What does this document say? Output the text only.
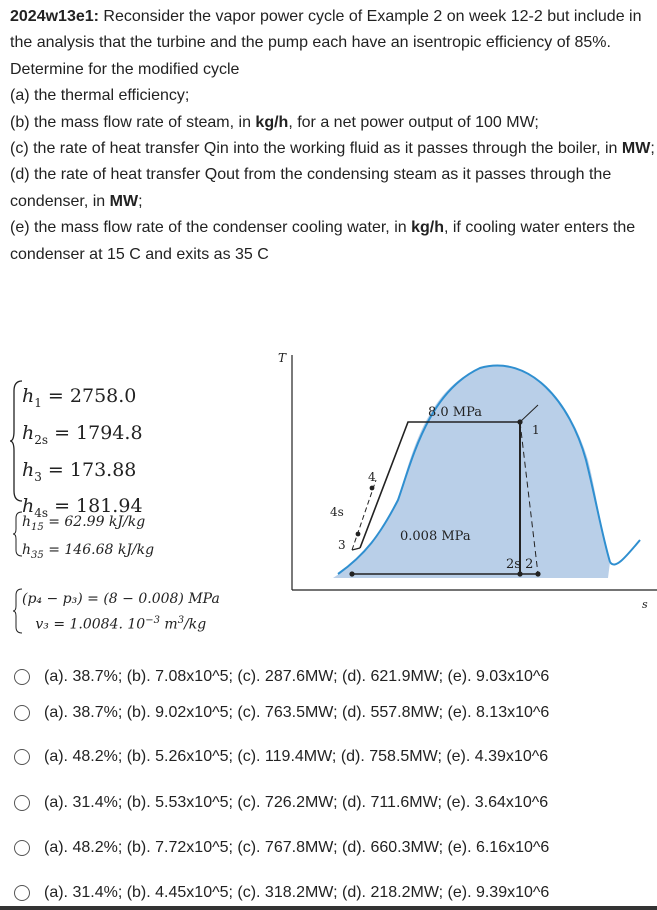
2024w13e1: Reconsider the vapor power cycle of Example 2 on week 12-2 but include in the analysis that the turbine and the pump each have an isentropic efficiency of 85%. Determine for the modified cycle

(a) the thermal efficiency;

(b) the mass flow rate of steam, in kg/h, for a net power output of 100 MW;

(c) the rate of heat transfer Qin into the working fluid as it passes through the boiler, in MW;

(d) the rate of heat transfer Qout from the condensing steam as it passes through the condenser, in MW;

(e) the mass flow rate of the condenser cooling water, in kg/h, if cooling water enters the condenser at 15 C and exits as 35 C

$h_1 = 2758.0$
$h_{2s} = 1794.8$
$h_3 = 173.88$
$h_{4s} = 181.94$
$h_{15} = 62.99$ kJ/kg
$h_{35} = 146.68$ kJ/kg
(p₄ − p₃) = (8 − 0.008) MPa
v₃ = 1.0084. $10^{-3}$ $m^3/kg$
T
s
8.0 MPa
0.008 MPa
1
2s 2
3
4
4s
(a). 38.7%; (b). 7.08x10^5; (c). 287.6MW; (d). 621.9MW; (e). 9.03x10^6
(a). 38.7%; (b). 9.02x10^5; (c). 763.5MW; (d). 557.8MW; (e). 8.13x10^6
(a). 48.2%; (b). 5.26x10^5; (c). 119.4MW; (d). 758.5MW; (e). 4.39x10^6
(a). 31.4%; (b). 5.53x10^5; (c). 726.2MW; (d). 711.6MW; (e). 3.64x10^6
(a). 48.2%; (b). 7.72x10^5; (c). 767.8MW; (d). 660.3MW; (e). 6.16x10^6
(a). 31.4%; (b). 4.45x10^5; (c). 318.2MW; (d). 218.2MW; (e). 9.39x10^6
